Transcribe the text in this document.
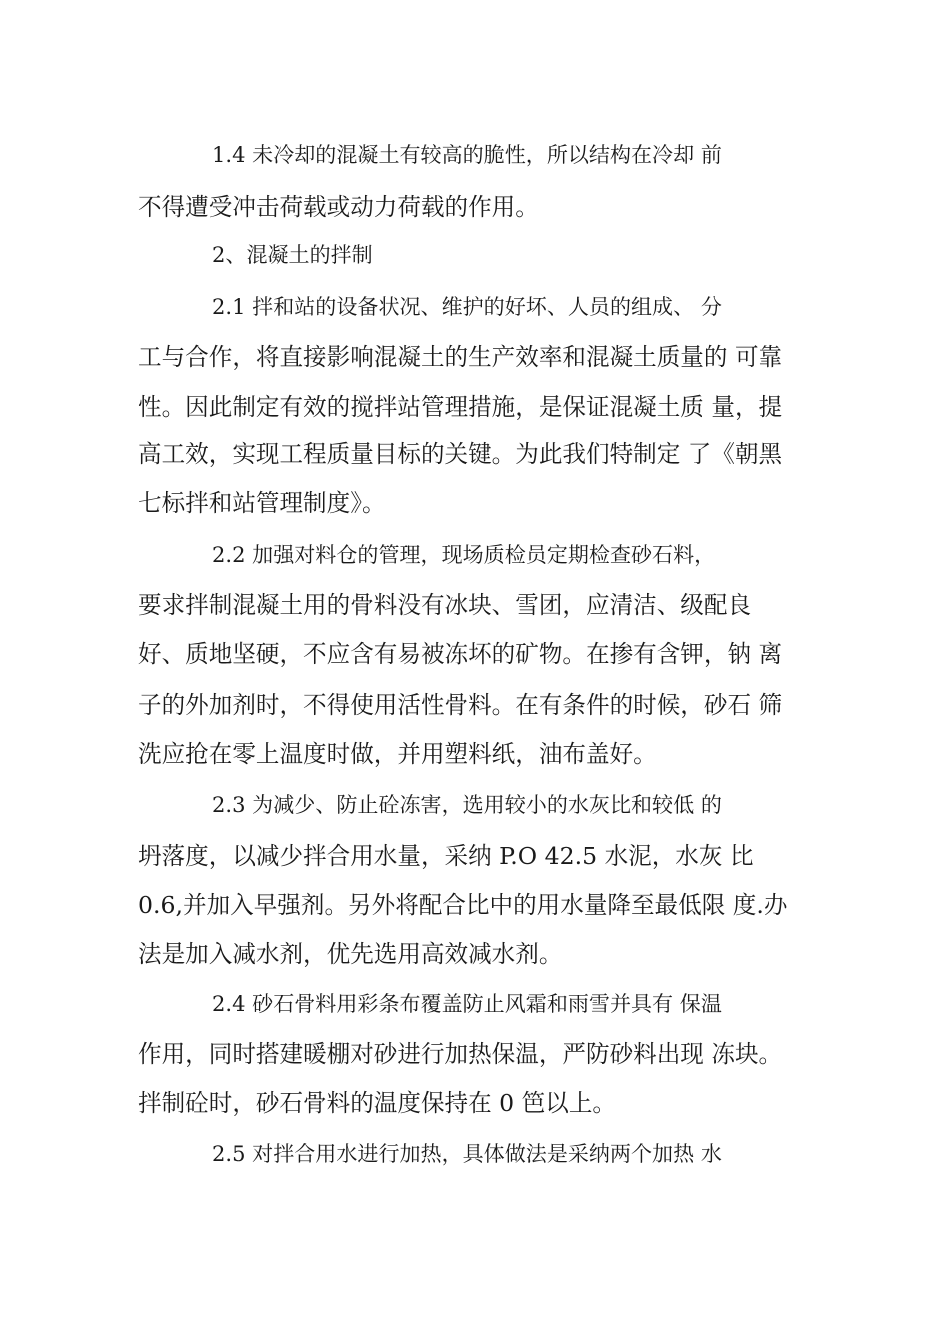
1.4 未冷却的混凝土有较高的脆性，所以结构在冷却 前
不得遭受冲击荷载或动力荷载的作用。
2、混凝土的拌制
2.1 拌和站的设备状况、维护的好坏、人员的组成、 分
工与合作，将直接影响混凝土的生产效率和混凝土质量的 可靠
性。因此制定有效的搅拌站管理措施，是保证混凝土质 量，提
高工效，实现工程质量目标的关键。为此我们特制定 了《朝黑
七标拌和站管理制度》。
2.2 加强对料仓的管理，现场质检员定期检查砂石料，
要求拌制混凝土用的骨料没有冰块、雪团，应清洁、级配良
好、质地坚硬，不应含有易被冻坏的矿物。在掺有含钾，钠 离
子的外加剂时，不得使用活性骨料。在有条件的时候，砂石 筛
洗应抢在零上温度时做，并用塑料纸，油布盖好。
2.3 为减少、防止砼冻害，选用较小的水灰比和较低 的
坍落度，以减少拌合用水量，采纳 P.O 42.5 水泥，水灰 比
0.6,并加入早强剂。另外将配合比中的用水量降至最低限 度.办
法是加入减水剂，优先选用高效减水剂。
2.4 砂石骨料用彩条布覆盖防止风霜和雨雪并具有 保温
作用，同时搭建暖棚对砂进行加热保温，严防砂料出现 冻块。
拌制砼时，砂石骨料的温度保持在 0 笆以上。
2.5 对拌合用水进行加热，具体做法是采纳两个加热 水
